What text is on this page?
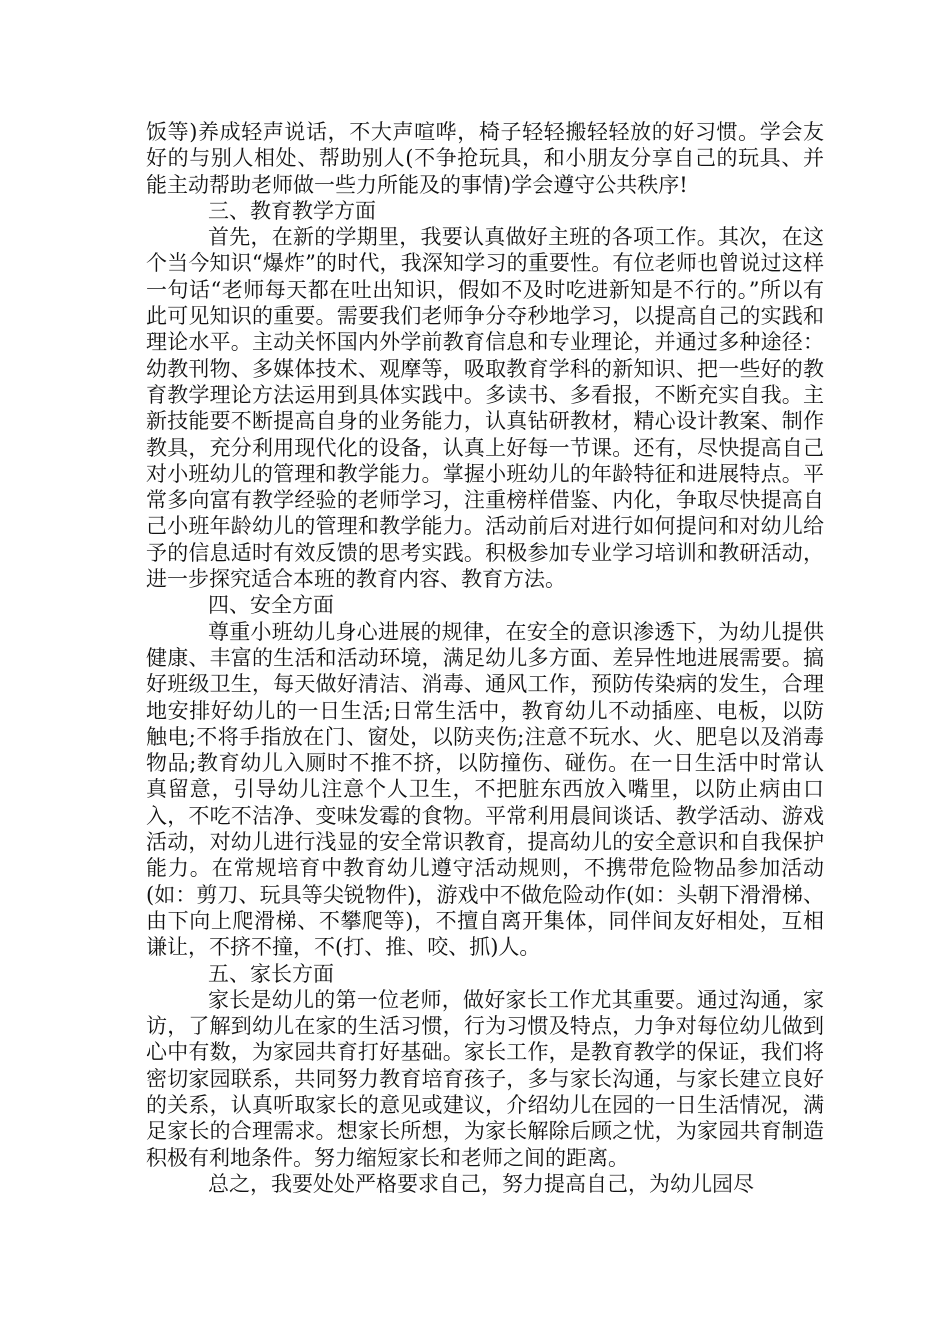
饭等)养成轻声说话，不大声喧哗，椅子轻轻搬轻轻放的好习惯。学会友好的与别人相处、帮助别人(不争抢玩具，和小朋友分享自己的玩具、并能主动帮助老师做一些力所能及的事情)学会遵守公共秩序!

三、教育教学方面

首先，在新的学期里，我要认真做好主班的各项工作。其次，在这个当今知识“爆炸”的时代，我深知学习的重要性。有位老师也曾说过这样一句话“老师每天都在吐出知识，假如不及时吃进新知是不行的。”所以有此可见知识的重要。需要我们老师争分夺秒地学习，以提高自己的实践和理论水平。主动关怀国内外学前教育信息和专业理论，并通过多种途径：幼教刊物、多媒体技术、观摩等，吸取教育学科的新知识、把一些好的教育教学理论方法运用到具体实践中。多读书、多看报，不断充实自我。主新技能要不断提高自身的业务能力，认真钻研教材，精心设计教案、制作教具，充分利用现代化的设备，认真上好每一节课。还有，尽快提高自己对小班幼儿的管理和教学能力。掌握小班幼儿的年龄特征和进展特点。平常多向富有教学经验的老师学习，注重榜样借鉴、内化，争取尽快提高自己小班年龄幼儿的管理和教学能力。活动前后对进行如何提问和对幼儿给予的信息适时有效反馈的思考实践。积极参加专业学习培训和教研活动，进一步探究适合本班的教育内容、教育方法。

四、安全方面

尊重小班幼儿身心进展的规律，在安全的意识渗透下，为幼儿提供健康、丰富的生活和活动环境，满足幼儿多方面、差异性地进展需要。搞好班级卫生，每天做好清洁、消毒、通风工作，预防传染病的发生，合理地安排好幼儿的一日生活;日常生活中，教育幼儿不动插座、电板，以防触电;不将手指放在门、窗处，以防夹伤;注意不玩水、火、肥皂以及消毒物品;教育幼儿入厕时不推不挤，以防撞伤、碰伤。在一日生活中时常认真留意，引导幼儿注意个人卫生，不把脏东西放入嘴里，以防止病由口入，不吃不洁净、变味发霉的食物。平常利用晨间谈话、教学活动、游戏活动，对幼儿进行浅显的安全常识教育，提高幼儿的安全意识和自我保护能力。在常规培育中教育幼儿遵守活动规则，不携带危险物品参加活动(如：剪刀、玩具等尖锐物件)，游戏中不做危险动作(如：头朝下滑滑梯、由下向上爬滑梯、不攀爬等)，不擅自离开集体，同伴间友好相处，互相谦让，不挤不撞，不(打、推、咬、抓)人。

五、家长方面

家长是幼儿的第一位老师，做好家长工作尤其重要。通过沟通，家访，了解到幼儿在家的生活习惯，行为习惯及特点，力争对每位幼儿做到心中有数，为家园共育打好基础。家长工作，是教育教学的保证，我们将密切家园联系，共同努力教育培育孩子，多与家长沟通，与家长建立良好的关系，认真听取家长的意见或建议，介绍幼儿在园的一日生活情况，满足家长的合理需求。想家长所想，为家长解除后顾之忧，为家园共育制造积极有利地条件。努力缩短家长和老师之间的距离。

总之，我要处处严格要求自己，努力提高自己，为幼儿园尽
